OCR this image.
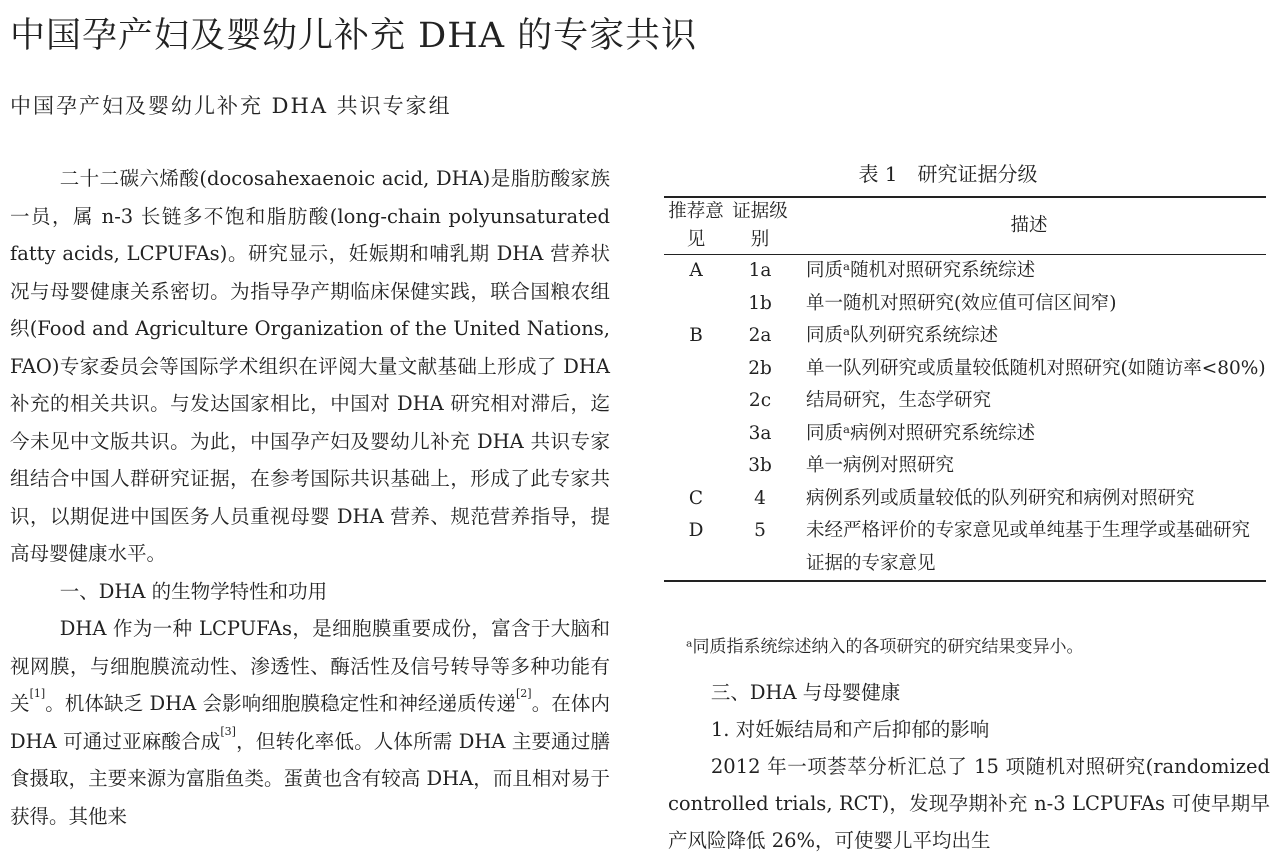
中国孕产妇及婴幼儿补充 DHA 的专家共识
中国孕产妇及婴幼儿补充 DHA 共识专家组

二十二碳六烯酸(docosahexaenoic acid, DHA)是脂肪酸家族一员，属 n-3 长链多不饱和脂肪酸(long-chain polyunsaturated fatty acids, LCPUFAs)。研究显示，妊娠期和哺乳期 DHA 营养状况与母婴健康关系密切。为指导孕产期临床保健实践，联合国粮农组织(Food and Agriculture Organization of the United Nations, FAO)专家委员会等国际学术组织在评阅大量文献基础上形成了 DHA 补充的相关共识。与发达国家相比，中国对 DHA 研究相对滞后，迄今未见中文版共识。为此，中国孕产妇及婴幼儿补充 DHA 共识专家组结合中国人群研究证据，在参考国际共识基础上，形成了此专家共识，以期促进中国医务人员重视母婴 DHA 营养、规范营养指导，提高母婴健康水平。

一、DHA 的生物学特性和功用

DHA 作为一种 LCPUFAs，是细胞膜重要成份，富含于大脑和视网膜，与细胞膜流动性、渗透性、酶活性及信号转导等多种功能有关[1]。机体缺乏 DHA 会影响细胞膜稳定性和神经递质传递[2]。在体内 DHA 可通过亚麻酸合成[3]，但转化率低。人体所需 DHA 主要通过膳食摄取，主要来源为富脂鱼类。蛋黄也含有较高 DHA，而且相对易于获得。其他来

表 1　研究证据分级
推荐意见	证据级别	描述
A	1a	同质ᵃ随机对照研究系统综述
	1b	单一随机对照研究(效应值可信区间窄)
B	2a	同质ᵃ队列研究系统综述
	2b	单一队列研究或质量较低随机对照研究(如随访率<80%)
	2c	结局研究，生态学研究
	3a	同质ᵃ病例对照研究系统综述
	3b	单一病例对照研究
C	4	病例系列或质量较低的队列研究和病例对照研究
D	5	未经严格评价的专家意见或单纯基于生理学或基础研究证据的专家意见
ᵃ同质指系统综述纳入的各项研究的研究结果变异小。

三、DHA 与母婴健康

1. 对妊娠结局和产后抑郁的影响

2012 年一项荟萃分析汇总了 15 项随机对照研究(randomized controlled trials, RCT)，发现孕期补充 n-3 LCPUFAs 可使早期早产风险降低 26%，可使婴儿平均出生
